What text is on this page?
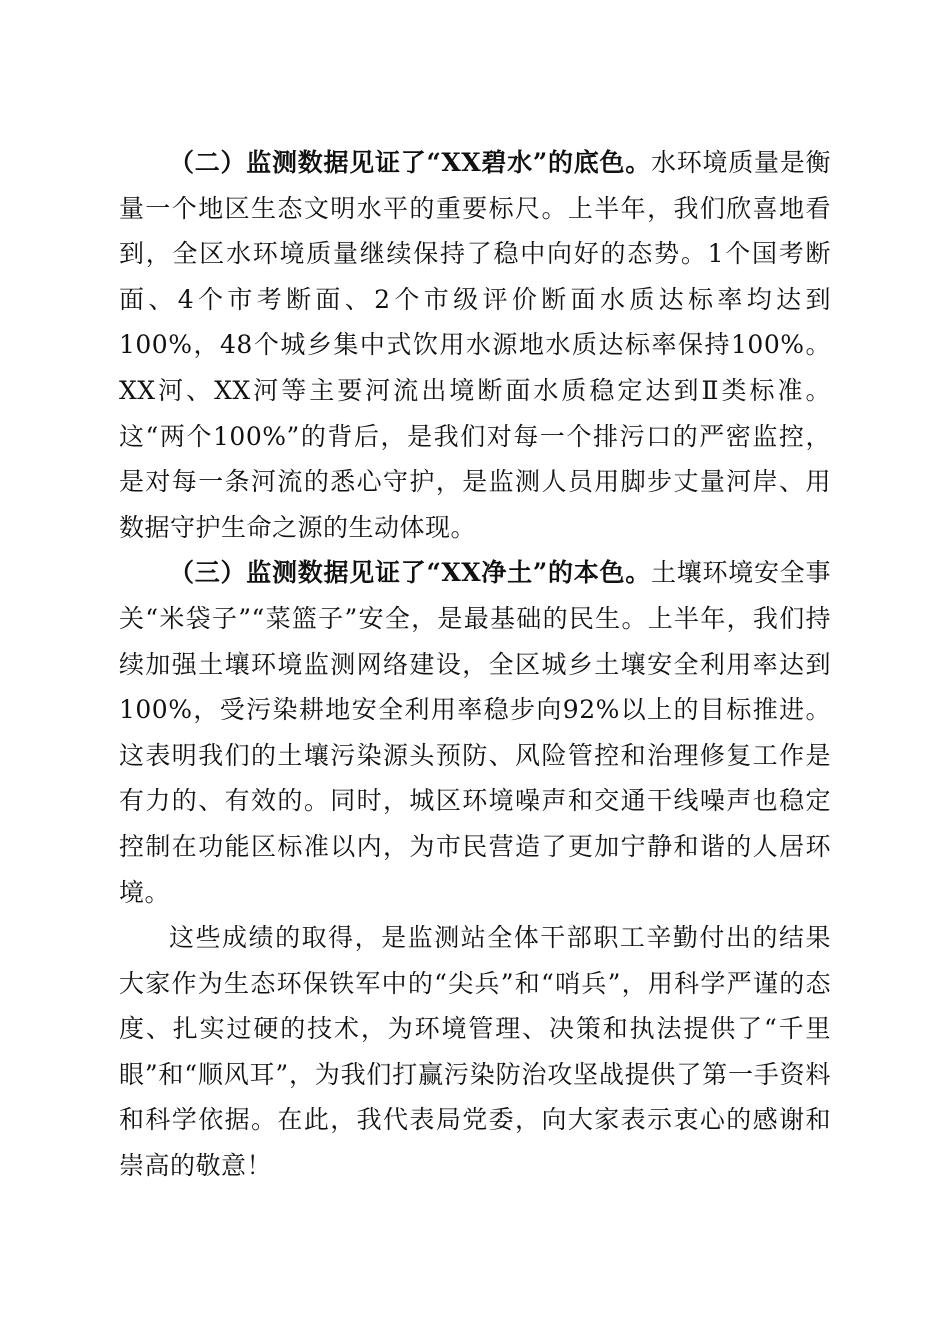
（二）监测数据见证了“XX碧水”的底色。水环境质量是衡量一个地区生态文明水平的重要标尺。上半年，我们欣喜地看到，全区水环境质量继续保持了稳中向好的态势。1个国考断面、4个市考断面、2个市级评价断面水质达标率均达到100%，48个城乡集中式饮用水源地水质达标率保持100%。XX河、XX河等主要河流出境断面水质稳定达到Ⅱ类标准。这“两个100%”的背后，是我们对每一个排污口的严密监控，是对每一条河流的悉心守护，是监测人员用脚步丈量河岸、用数据守护生命之源的生动体现。

（三）监测数据见证了“XX净土”的本色。土壤环境安全事关“米袋子”“菜篮子”安全，是最基础的民生。上半年，我们持续加强土壤环境监测网络建设，全区城乡土壤安全利用率达到100%，受污染耕地安全利用率稳步向92%以上的目标推进。这表明我们的土壤污染源头预防、风险管控和治理修复工作是有力的、有效的。同时，城区环境噪声和交通干线噪声也稳定控制在功能区标准以内，为市民营造了更加宁静和谐的人居环境。

这些成绩的取得，是监测站全体干部职工辛勤付出的结果大家作为生态环保铁军中的“尖兵”和“哨兵”，用科学严谨的态度、扎实过硬的技术，为环境管理、决策和执法提供了“千里眼”和“顺风耳”，为我们打赢污染防治攻坚战提供了第一手资料和科学依据。在此，我代表局党委，向大家表示衷心的感谢和崇高的敬意！
